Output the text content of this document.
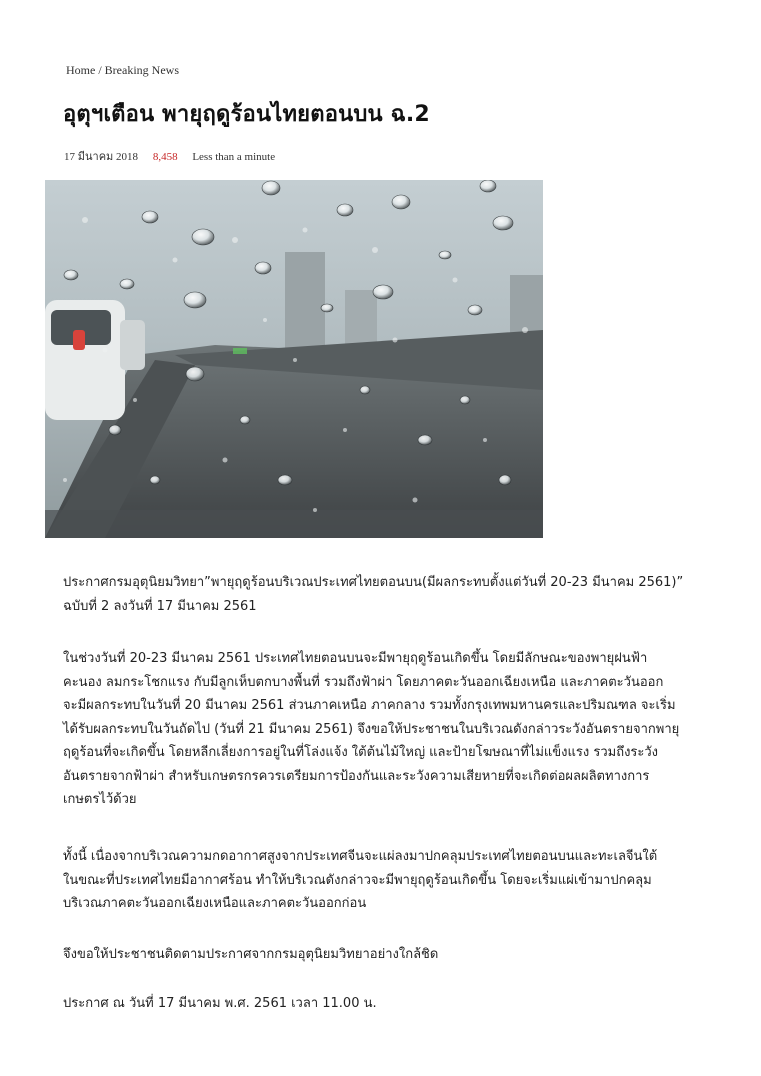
Home / Breaking News
อุตุฯเตือน พายุฤดูร้อนไทยตอนบน ฉ.2
17 มีนาคม 2018 8,458 Less than a minute
ประกาศกรมอุตุนิยมวิทยา”พายุฤดูร้อนบริเวณประเทศไทยตอนบน(มีผลกระทบตั้งแต่วันที่ 20-23 มีนาคม 2561)”
ฉบับที่ 2 ลงวันที่ 17 มีนาคม 2561
ในช่วงวันที่ 20-23 มีนาคม 2561 ประเทศไทยตอนบนจะมีพายุฤดูร้อนเกิดขึ้น โดยมีลักษณะของพายุฝนฟ้า
คะนอง ลมกระโชกแรง กับมีลูกเห็บตกบางพื้นที่ รวมถึงฟ้าผ่า โดยภาคตะวันออกเฉียงเหนือ และภาคตะวันออก
จะมีผลกระทบในวันที่ 20 มีนาคม 2561 ส่วนภาคเหนือ ภาคกลาง รวมทั้งกรุงเทพมหานครและปริมณฑล จะเริ่ม
ได้รับผลกระทบในวันถัดไป (วันที่ 21 มีนาคม 2561) จึงขอให้ประชาชนในบริเวณดังกล่าวระวังอันตรายจากพายุ
ฤดูร้อนที่จะเกิดขึ้น โดยหลีกเลี่ยงการอยู่ในที่โล่งแจ้ง ใต้ต้นไม้ใหญ่ และป้ายโฆษณาที่ไม่แข็งแรง รวมถึงระวัง
อันตรายจากฟ้าผ่า สำหรับเกษตรกรควรเตรียมการป้องกันและระวังความเสียหายที่จะเกิดต่อผลผลิตทางการ
เกษตรไว้ด้วย
ทั้งนี้ เนื่องจากบริเวณความกดอากาศสูงจากประเทศจีนจะแผ่ลงมาปกคลุมประเทศไทยตอนบนและทะเลจีนใต้
ในขณะที่ประเทศไทยมีอากาศร้อน ทำให้บริเวณดังกล่าวจะมีพายุฤดูร้อนเกิดขึ้น โดยจะเริ่มแผ่เข้ามาปกคลุม
บริเวณภาคตะวันออกเฉียงเหนือและภาคตะวันออกก่อน
จึงขอให้ประชาชนติดตามประกาศจากกรมอุตุนิยมวิทยาอย่างใกล้ชิด
ประกาศ ณ วันที่ 17 มีนาคม พ.ศ. 2561 เวลา 11.00 น.
